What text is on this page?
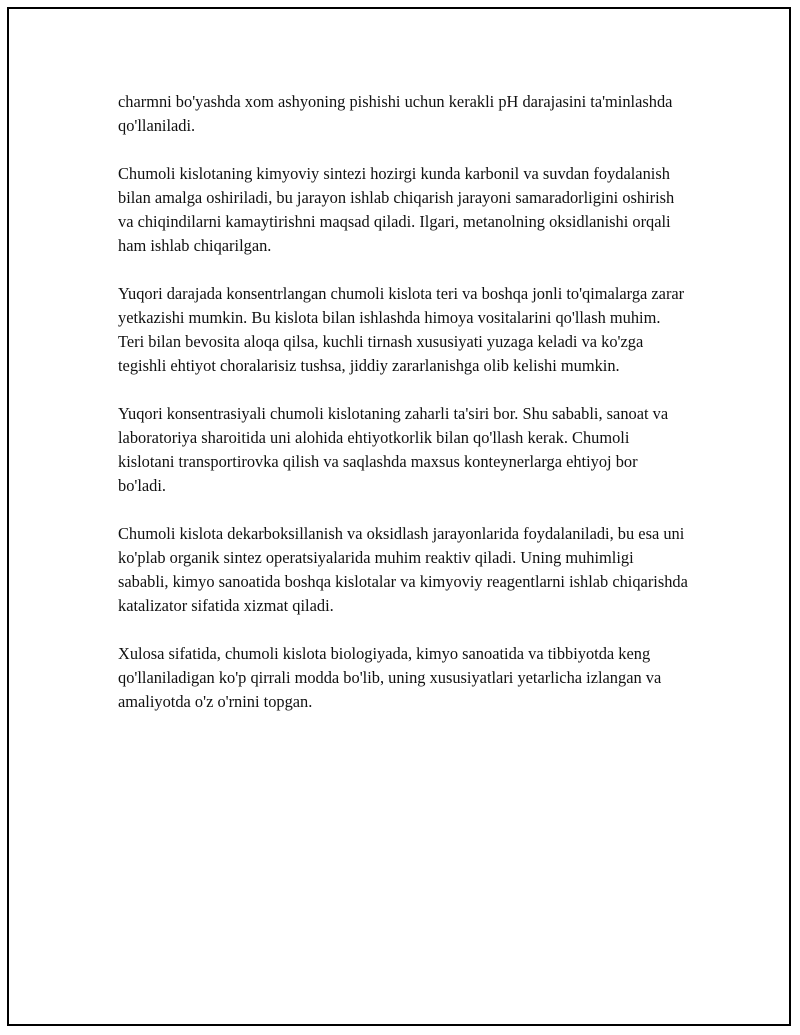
charmni bo'yashda xom ashyoning pishishi uchun kerakli pH darajasini ta'minlashda qo'llaniladi.

Chumoli kislotaning kimyoviy sintezi hozirgi kunda karbonil va suvdan foydalanish bilan amalga oshiriladi, bu jarayon ishlab chiqarish jarayoni samaradorligini oshirish va chiqindilarni kamaytirishni maqsad qiladi. Ilgari, metanolning oksidlanishi orqali ham ishlab chiqarilgan.

Yuqori darajada konsentrlangan chumoli kislota teri va boshqa jonli to'qimalarga zarar yetkazishi mumkin. Bu kislota bilan ishlashda himoya vositalarini qo'llash muhim. Teri bilan bevosita aloqa qilsa, kuchli tirnash xususiyati yuzaga keladi va ko'zga tegishli ehtiyot choralarisiz tushsa, jiddiy zararlanishga olib kelishi mumkin.

Yuqori konsentrasiyali chumoli kislotaning zaharli ta'siri bor. Shu sababli, sanoat va laboratoriya sharoitida uni alohida ehtiyotkorlik bilan qo'llash kerak. Chumoli kislotani transportirovka qilish va saqlashda maxsus konteynerlarga ehtiyoj bor bo'ladi.

Chumoli kislota dekarboksillanish va oksidlash jarayonlarida foydalaniladi, bu esa uni ko'plab organik sintez operatsiyalarida muhim reaktiv qiladi. Uning muhimligi sababli, kimyo sanoatida boshqa kislotalar va kimyoviy reagentlarni ishlab chiqarishda katalizator sifatida xizmat qiladi.

Xulosa sifatida, chumoli kislota biologiyada, kimyo sanoatida va tibbiyotda keng qo'llaniladigan ko'p qirrali modda bo'lib, uning xususiyatlari yetarlicha izlangan va amaliyotda o'z o'rnini topgan.
